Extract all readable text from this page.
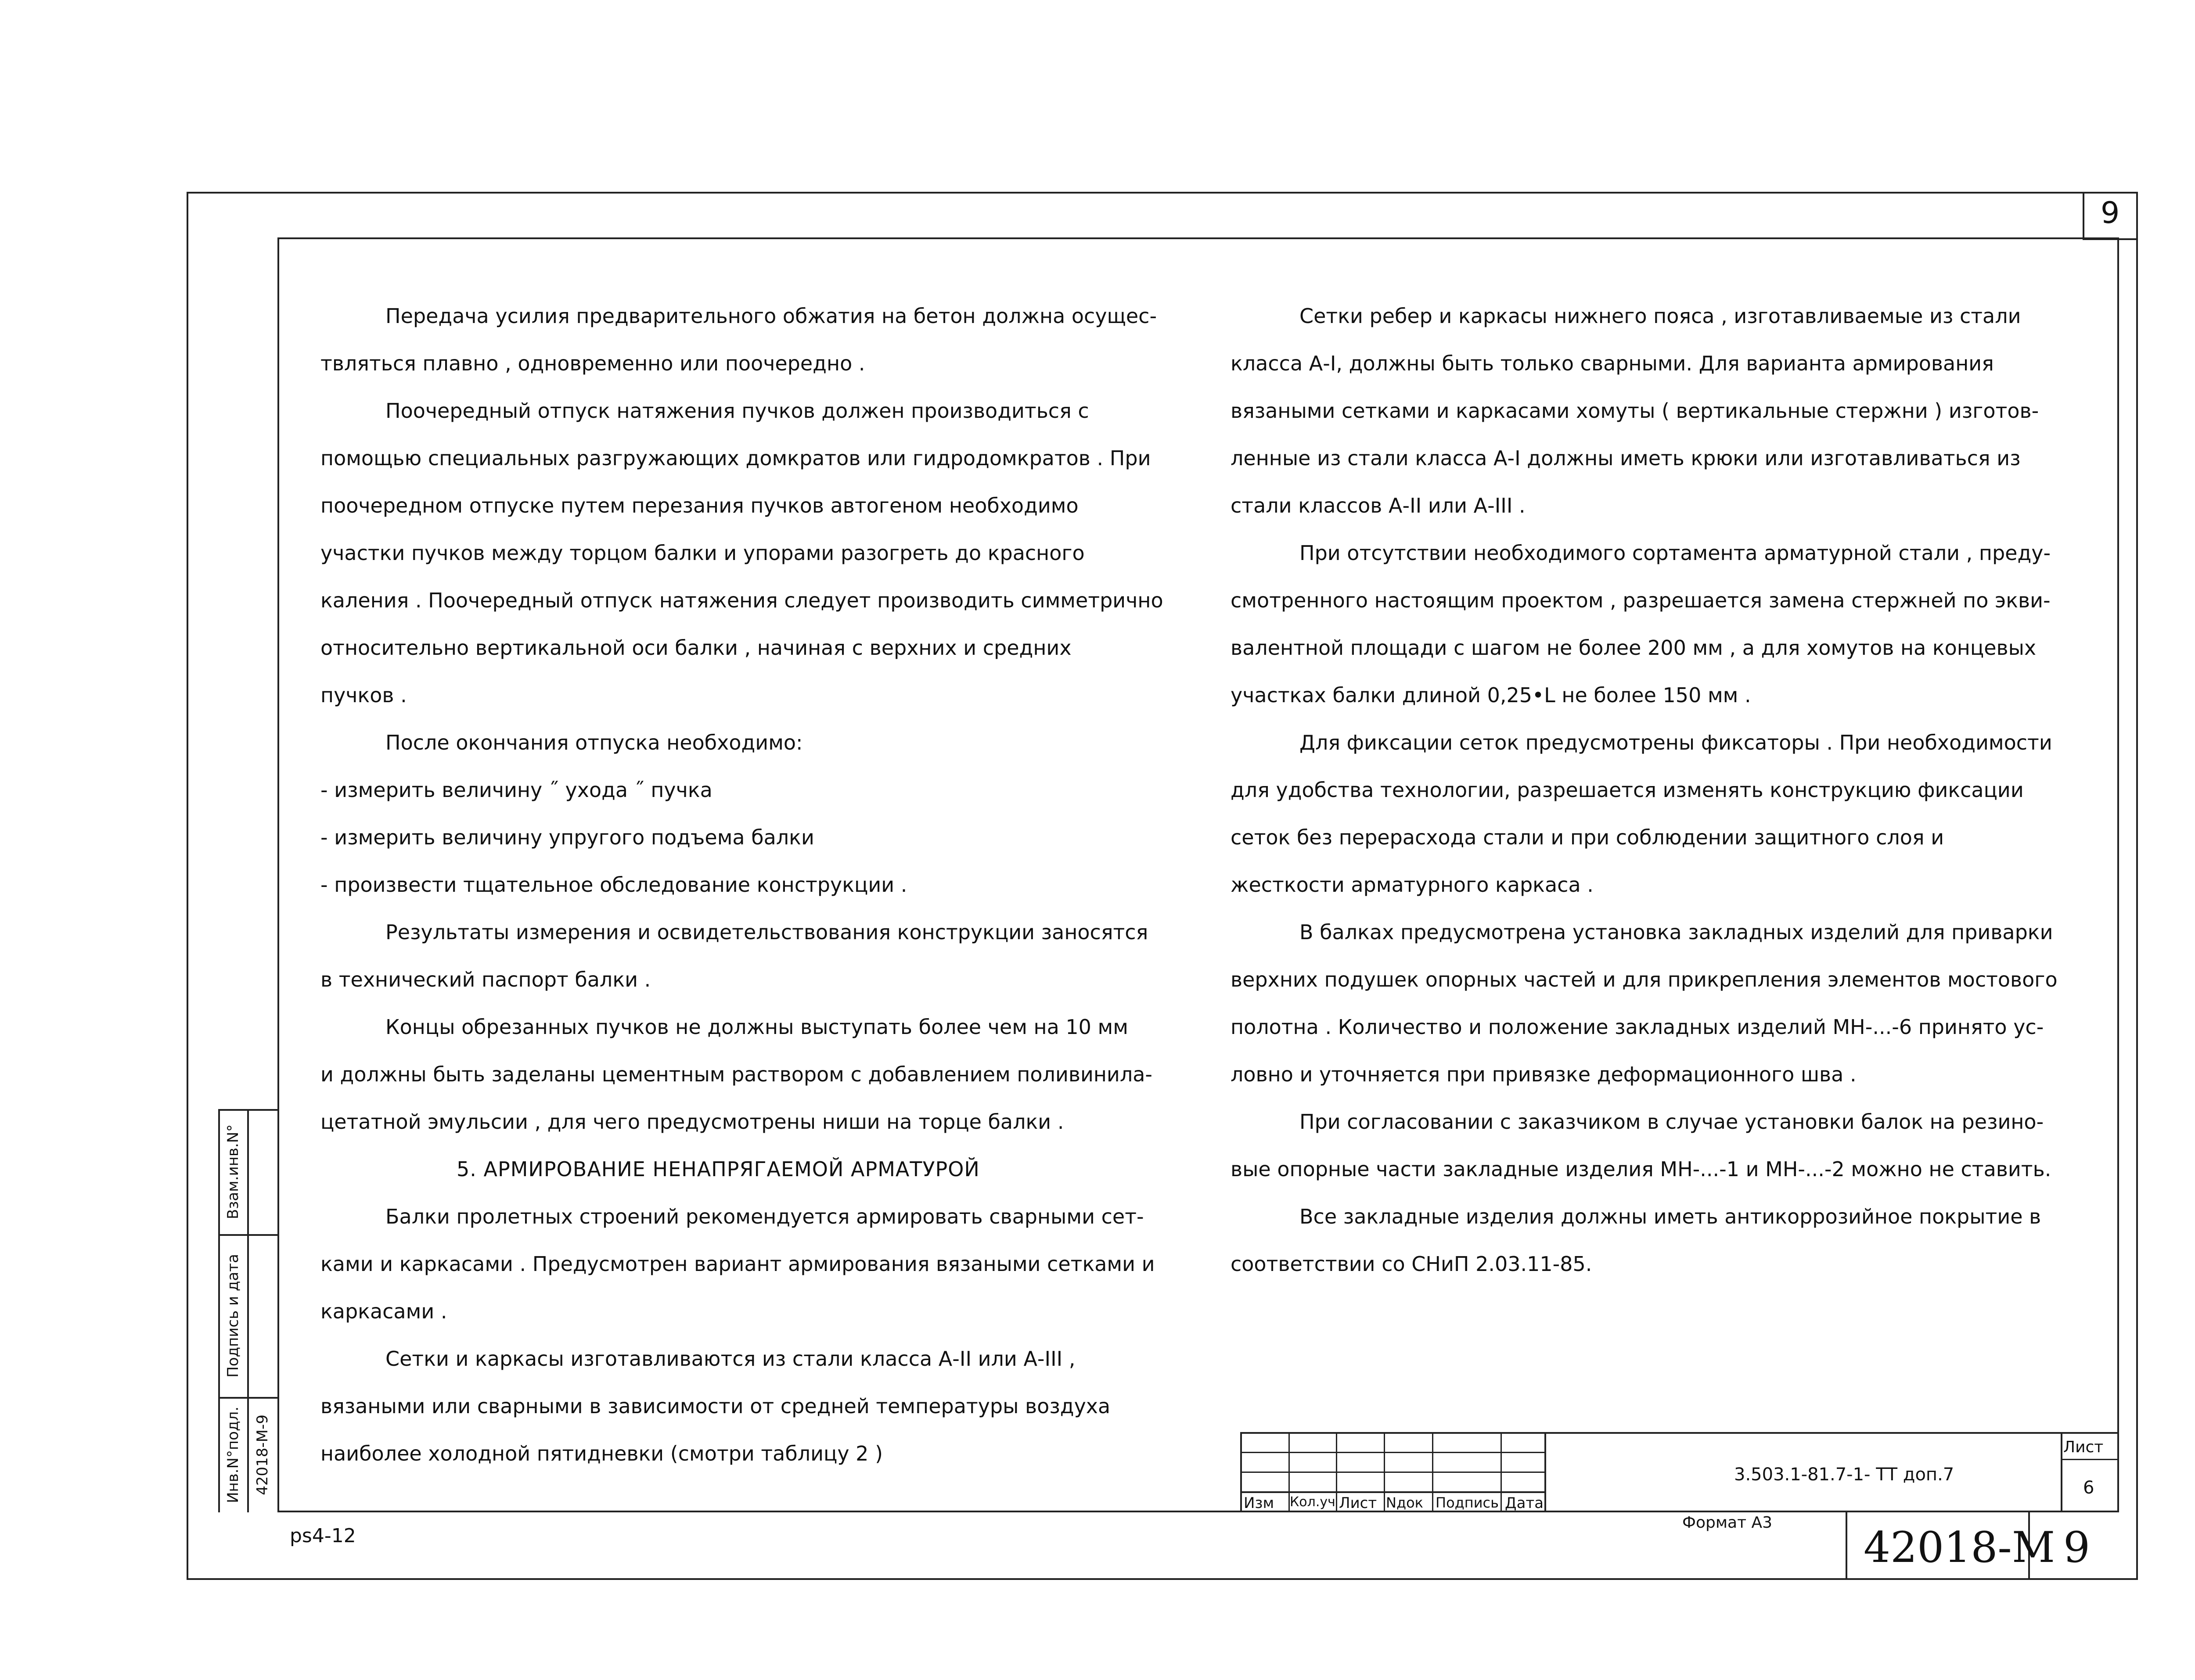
9
Передача усилия предварительного обжатия на бетон должна осущес-
твляться плавно , одновременно или поочередно .
Поочередный отпуск натяжения пучков должен производиться с
помощью специальных разгружающих домкратов или гидродомкратов . При
поочередном отпуске путем перезания пучков автогеном необходимо
участки пучков между торцом балки и упорами разогреть до красного
каления . Поочередный отпуск натяжения следует производить симметрично
относительно вертикальной оси балки , начиная с верхних и средних
пучков .
После окончания отпуска необходимо:
- измерить величину ˝ ухода ˝ пучка
- измерить величину упругого подъема балки
- произвести тщательное обследование конструкции .
Результаты измерения и освидетельствования конструкции заносятся
в технический паспорт балки .
Концы обрезанных пучков не должны выступать более чем на 10 мм
и должны быть заделаны цементным раствором с добавлением поливинила-
цетатной эмульсии , для чего предусмотрены ниши на торце балки .
5. АРМИРОВАНИЕ НЕНАПРЯГАЕМОЙ АРМАТУРОЙ
Балки пролетных строений рекомендуется армировать сварными сет-
ками и каркасами . Предусмотрен вариант армирования вязаными сетками и
каркасами .
Сетки и каркасы изготавливаются из стали класса А-II или А-III ,
вязаными или сварными в зависимости от средней температуры воздуха
наиболее холодной пятидневки (смотри таблицу 2 )
Сетки ребер и каркасы нижнего пояса , изготавливаемые из стали
класса А-I, должны быть только сварными. Для варианта армирования
вязаными сетками и каркасами хомуты ( вертикальные стержни ) изготов-
ленные из стали класса А-I должны иметь крюки или изготавливаться из
стали классов А-II или А-III .
При отсутствии необходимого сортамента арматурной стали , преду-
смотренного настоящим проектом , разрешается замена стержней по экви-
валентной площади с шагом не более 200 мм , а для хомутов на концевых
участках балки длиной 0,25•L не более 150 мм .
Для фиксации сеток предусмотрены фиксаторы . При необходимости
для удобства технологии, разрешается изменять конструкцию фиксации
сеток без перерасхода стали и при соблюдении защитного слоя и
жесткости арматурного каркаса .
В балках предусмотрена установка закладных изделий для приварки
верхних подушек опорных частей и для прикрепления элементов мостового
полотна . Количество и положение закладных изделий МН-...-6 принято ус-
ловно и уточняется при привязке деформационного шва .
При согласовании с заказчиком в случае установки балок на резино-
вые опорные части закладные изделия МН-...-1 и МН-...-2 можно не ставить.
Все закладные изделия должны иметь антикоррозийное покрытие в
соответствии со СНиП 2.03.11-85.
Взам.инв.N°
Подпись и дата
Инв.N°подл. 42018-М-9
Изм Кол.уч Лист Nдок Подпись Дата
3.503.1-81.7-1- ТТ доп.7
Лист
6
ps4-12
Формат А3
42018-М 9
